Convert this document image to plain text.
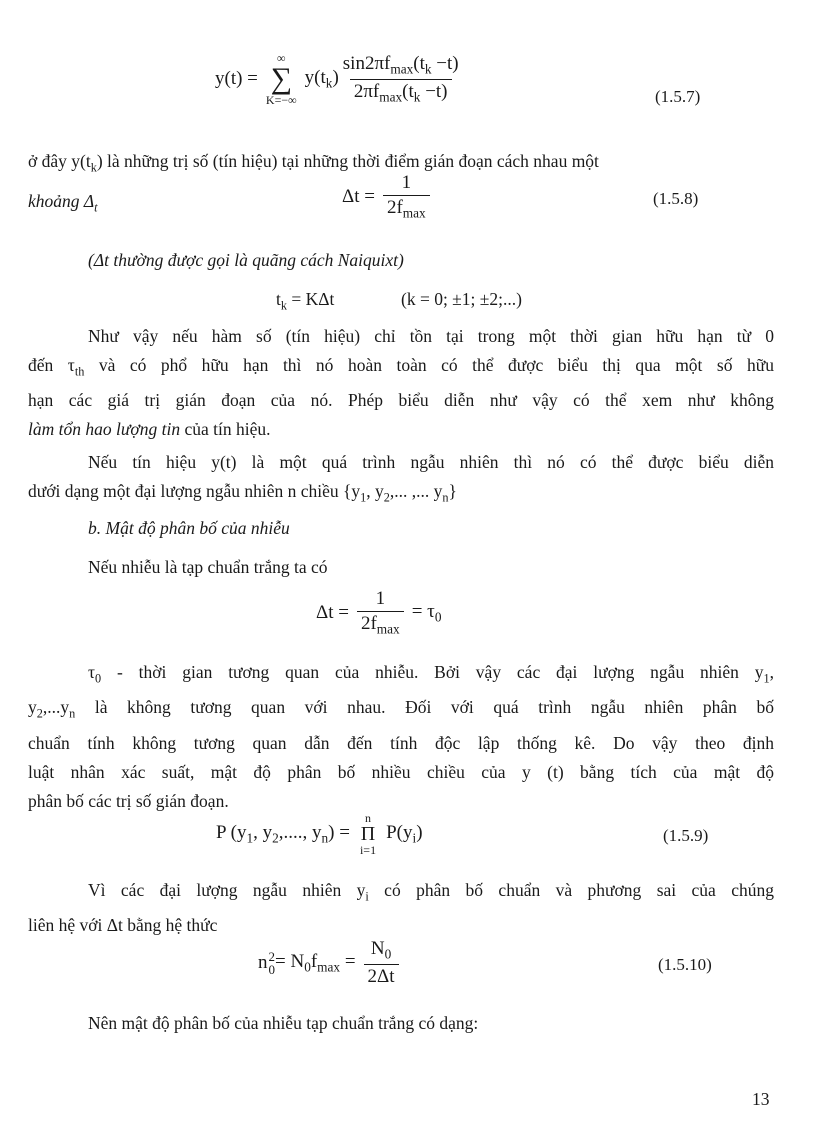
y(t) =
∞
∑
K=−∞
$y(t_k) \frac{\sin 2\pi f_{max}(t_k -t)}{2\pi f_{max}(t_k -t)}$	(1.5.7)
ở đây $y(t_k)$ là những trị số (tín hiệu) tại những thời điểm gián đoạn cách nhau một
khoảng $\Delta_t$
$\Delta t = \frac{1}{2f_{max}}$	(1.5.8)
(Δt thường được gọi là quãng cách Naiquixt)
$t_k = K\Delta t$	(k = 0; ±1; ±2;...)
Như vậy nếu hàm số (tín hiệu) chỉ tồn tại trong một thời gian hữu hạn từ 0
đến $\tau_{th}$ và có phổ hữu hạn thì nó hoàn toàn có thể được biểu thị qua một số hữu
hạn các giá trị gián đoạn của nó. Phép biểu diễn như vậy có thể xem như không
làm tổn hao lượng tin của tín hiệu.
Nếu tín hiệu y(t) là một quá trình ngẫu nhiên thì nó có thể được biểu diễn
dưới dạng một đại lượng ngẫu nhiên n chiều {$y_1$, $y_2$,... ,... $y_n$}
b. Mật độ phân bố của nhiễu
Nếu nhiễu là tạp chuẩn trắng ta có
$\Delta t = \frac{1}{2f_{max}} = \tau_0$
$\tau_0$ - thời gian tương quan của nhiễu. Bởi vậy các đại lượng ngẫu nhiên $y_1$,
$y_2,...y_n$ là không tương quan với nhau. Đối với quá trình ngẫu nhiên phân bố
chuẩn tính không tương quan dẫn đến tính độc lập thống kê. Do vậy theo định
luật nhân xác suất, mật độ phân bố nhiều chiều của y (t) bằng tích của mật độ
phân bố các trị số gián đoạn.
P ($y_1$, $y_2$,...., $y_n$) =
n
Π
i=1
$P(y_i)$	(1.5.9)
Vì các đại lượng ngẫu nhiên $y_i$ có phân bố chuẩn và phương sai của chúng
liên hệ với Δt bằng hệ thức
n 2
$0 = N_0f_{max} = \frac{N_0}{2\Delta t}$	(1.5.10)
Nên mật độ phân bố của nhiễu tạp chuẩn trắng có dạng:
13
